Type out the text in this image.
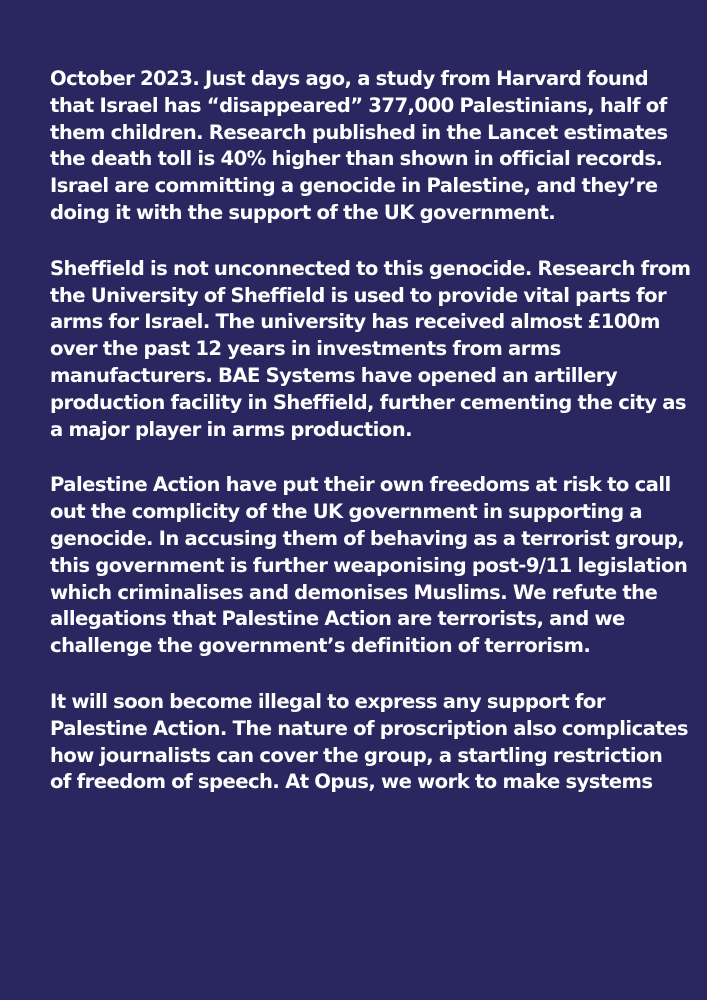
October 2023. Just days ago, a study from Harvard found
that Israel has “disappeared” 377,000 Palestinians, half of
them children. Research published in the Lancet estimates
the death toll is 40% higher than shown in official records.
Israel are committing a genocide in Palestine, and they’re
doing it with the support of the UK government.

Sheffield is not unconnected to this genocide. Research from
the University of Sheffield is used to provide vital parts for
arms for Israel. The university has received almost £100m
over the past 12 years in investments from arms
manufacturers. BAE Systems have opened an artillery
production facility in Sheffield, further cementing the city as
a major player in arms production.

Palestine Action have put their own freedoms at risk to call
out the complicity of the UK government in supporting a
genocide. In accusing them of behaving as a terrorist group,
this government is further weaponising post-9/11 legislation
which criminalises and demonises Muslims. We refute the
allegations that Palestine Action are terrorists, and we
challenge the government’s definition of terrorism.

It will soon become illegal to express any support for
Palestine Action. The nature of proscription also complicates
how journalists can cover the group, a startling restriction
of freedom of speech. At Opus, we work to make systems
